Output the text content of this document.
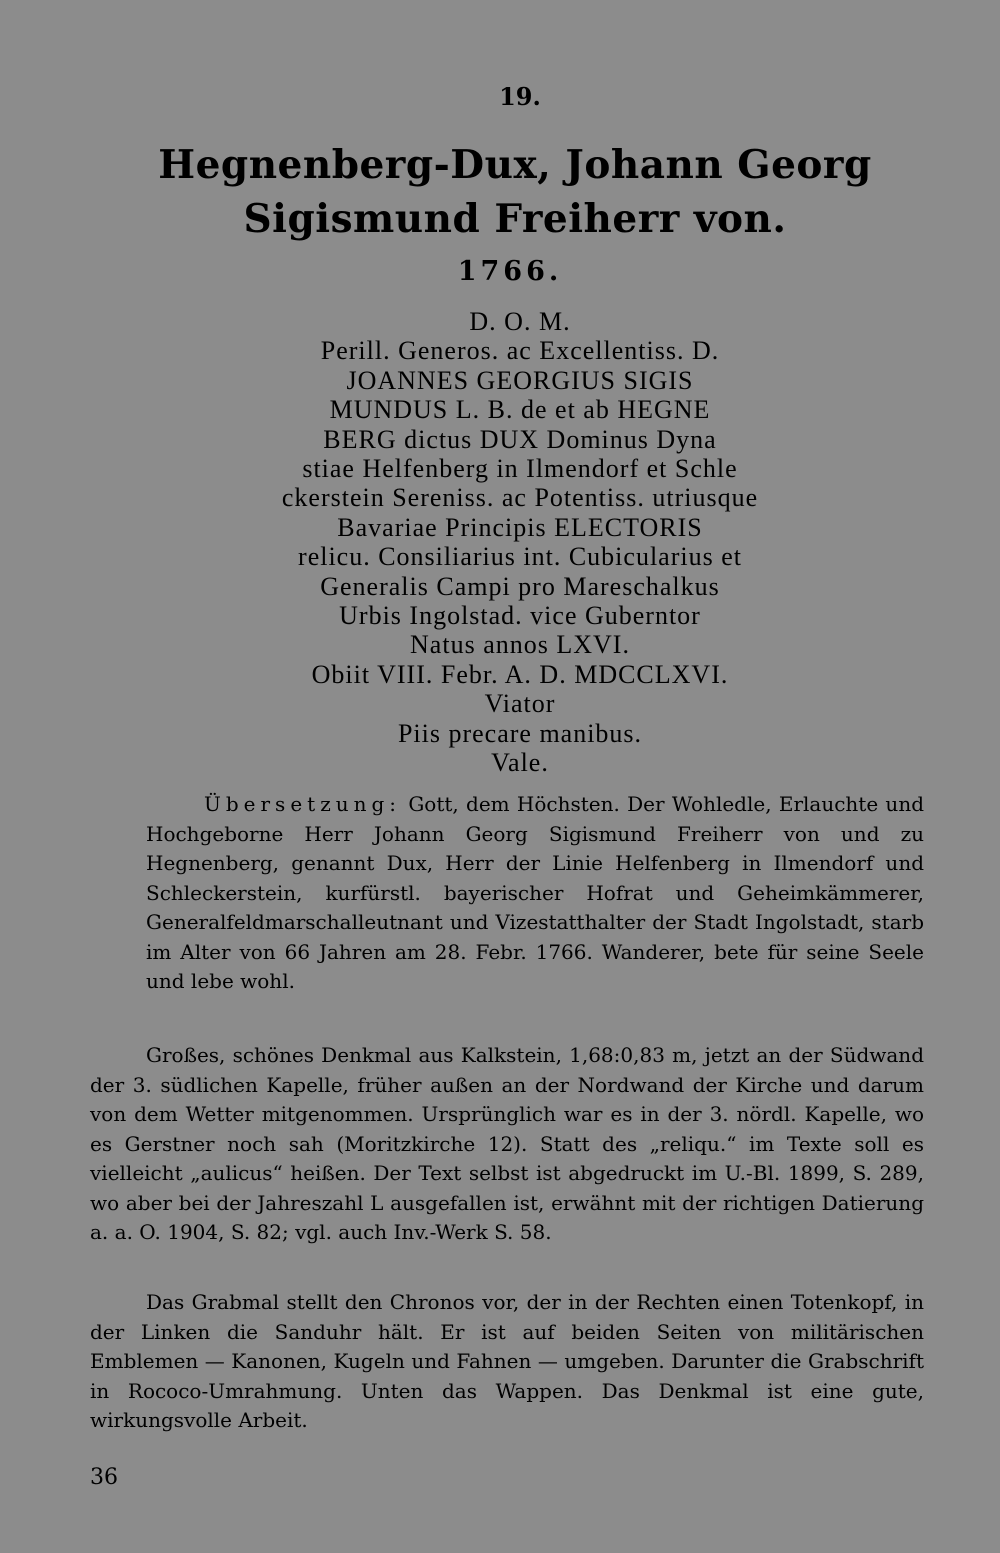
19.
Hegnenberg-Dux, Johann Georg Sigismund Freiherr von.
1766.
D. O. M.
Perill. Generos. ac Excellentiss. D.
JOANNES GEORGIUS SIGIS
MUNDUS L. B. de et ab HEGNE
BERG dictus DUX Dominus Dyna
stiae Helfenberg in Ilmendorf et Schle
ckerstein Sereniss. ac Potentiss. utriusque
Bavariae Principis ELECTORIS
relicu. Consiliarius int. Cubicularius et
Generalis Campi pro Mareschalkus
Urbis Ingolstad. vice Guberntor
Natus annos LXVI.
Obiit VIII. Febr. A. D. MDCCLXVI.
Viator
Piis precare manibus.
Vale.
Übersetzung: Gott, dem Höchsten. Der Wohledle, Erlauchte und Hochgeborne Herr Johann Georg Sigismund Freiherr von und zu Hegnenberg, genannt Dux, Herr der Linie Helfenberg in Ilmendorf und Schleckerstein, kurfürstl. bayerischer Hofrat und Geheimkämmerer, Generalfeldmarschalleutnant und Vizestatthalter der Stadt Ingolstadt, starb im Alter von 66 Jahren am 28. Febr. 1766. Wanderer, bete für seine Seele und lebe wohl.
Großes, schönes Denkmal aus Kalkstein, 1,68:0,83 m, jetzt an der Südwand der 3. südlichen Kapelle, früher außen an der Nordwand der Kirche und darum von dem Wetter mitgenommen. Ursprünglich war es in der 3. nördl. Kapelle, wo es Gerstner noch sah (Moritzkirche 12). Statt des „reliqu.“ im Texte soll es vielleicht „aulicus“ heißen. Der Text selbst ist abgedruckt im U.-Bl. 1899, S. 289, wo aber bei der Jahreszahl L ausgefallen ist, erwähnt mit der richtigen Datierung a. a. O. 1904, S. 82; vgl. auch Inv.-Werk S. 58.
Das Grabmal stellt den Chronos vor, der in der Rechten einen Totenkopf, in der Linken die Sanduhr hält. Er ist auf beiden Seiten von militärischen Emblemen — Kanonen, Kugeln und Fahnen — umgeben. Darunter die Grabschrift in Rococo-Umrahmung. Unten das Wappen. Das Denkmal ist eine gute, wirkungsvolle Arbeit.
36
